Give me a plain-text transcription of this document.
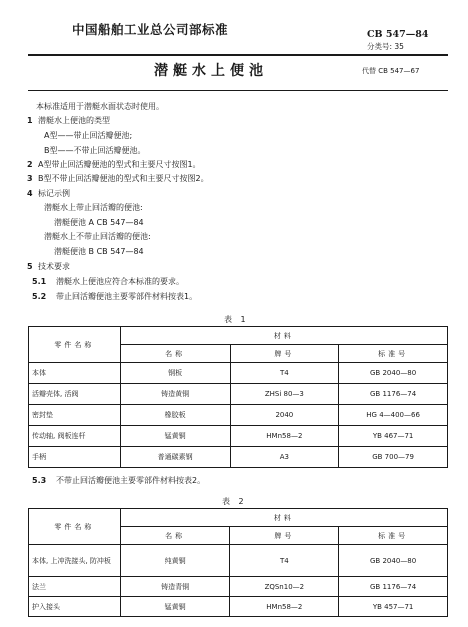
中国船舶工业总公司部标准	CB 547—84
分类号: 35
潜艇水上便池	代替 CB 547—67
本标准适用于潜艇水面状态时使用。
1 潜艇水上便池的类型
A型——带止回活瓣便池;
B型——不带止回活瓣便池。
2 A型带止回活瓣便池的型式和主要尺寸按图1。
3 B型不带止回活瓣便池的型式和主要尺寸按图2。
4 标记示例
潜艇水上带止回活瓣的便池:
潜艇便池 A CB 547—84
潜艇水上不带止回活瓣的便池:
潜艇便池 B CB 547—84
5 技术要求
5.1 潜艇水上便池应符合本标准的要求。
5.2 带止回活瓣便池主要零部件材料按表1。
表 1
零件名称	材料		
	名称	牌号	标准号
本体	钢板	T4	GB 2040—80
活瓣壳体, 活阀	铸造黄铜	ZHSi 80—3	GB 1176—74
密封垫	橡胶板	2040	HG 4—400—66
传动轴, 阀板连杆	锰黄铜	HMn58—2	YB 467—71
手柄	普通碳素钢	A3	GB 700—79
5.3 不带止回活瓣便池主要零部件材料按表2。
表 2
零件名称	材料		
	名称	牌号	标准号
本体, 上冲洗接头, 防冲板	纯黄铜	T4	GB 2040—80
法兰	铸造青铜	ZQSn10—2	GB 1176—74
护入接头	锰黄铜	HMn58—2	YB 457—71
